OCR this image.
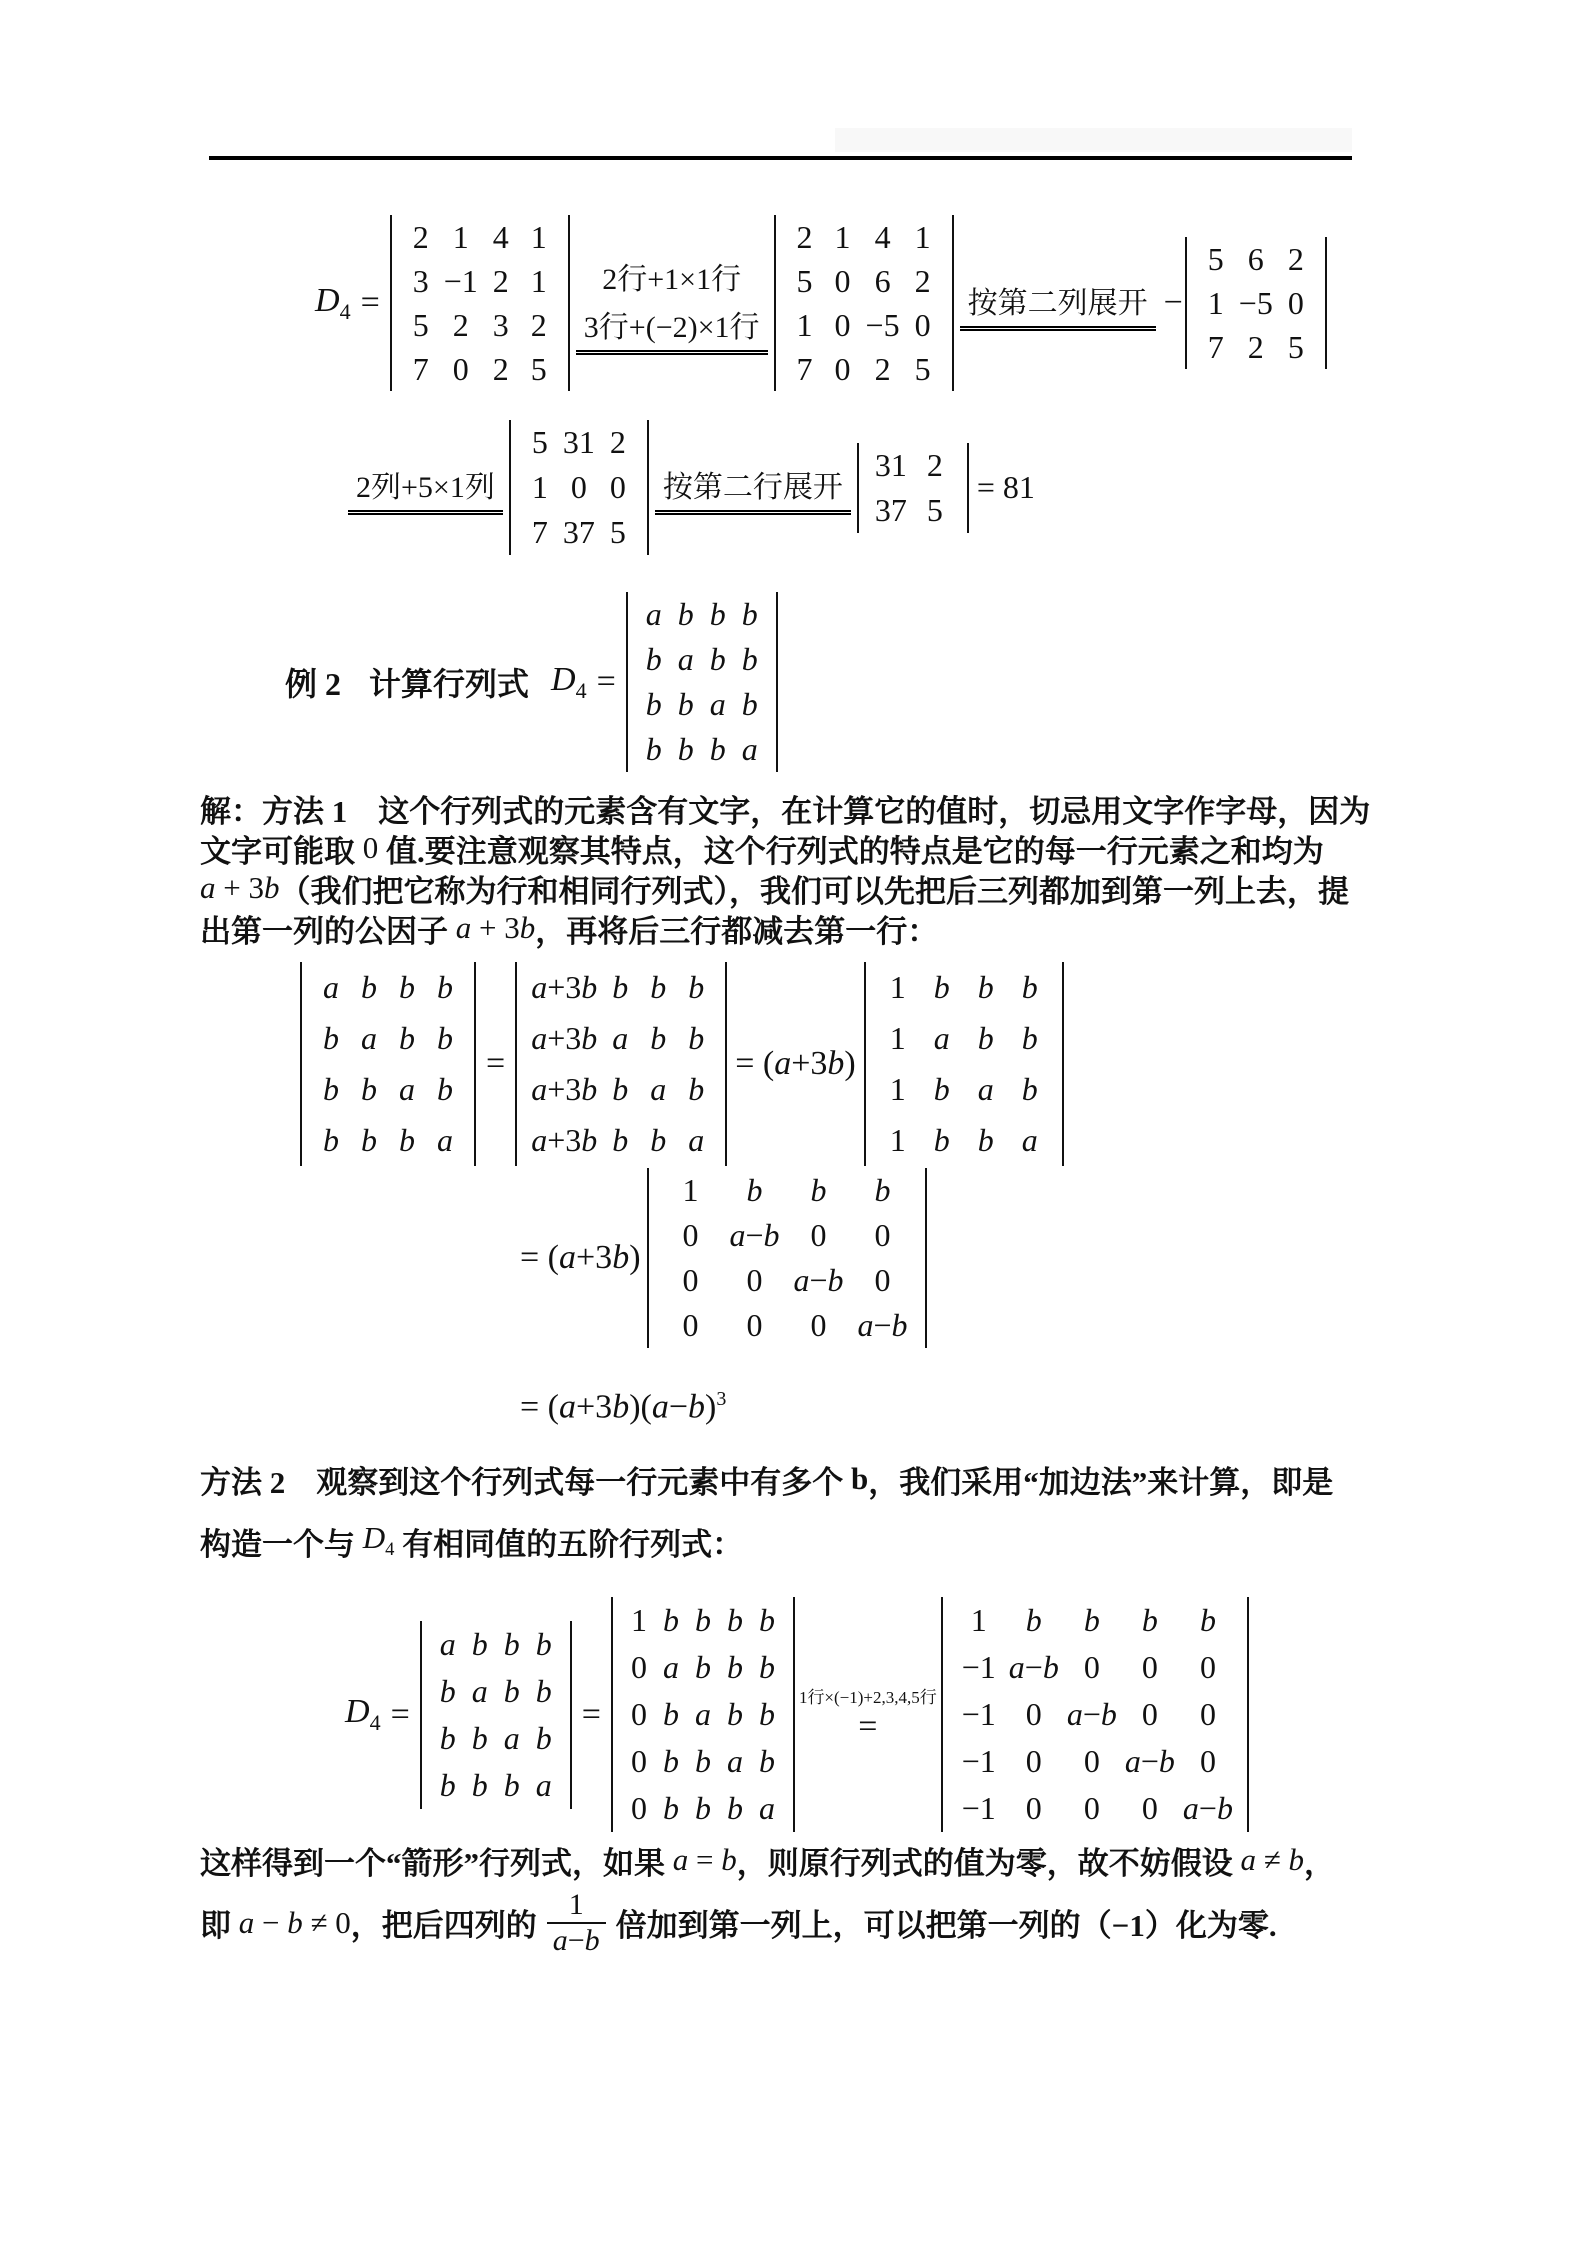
$D_4$ =
2	1	4	1
3	−1	2	1
5	2	3	2
7	0	2	5
2行+1×1行
3行+(−2)×1行
2	1	4	1
5	0	6	2
1	0	−5	0
7	0	2	5
按第二列展开 −
5	6	2
1	−5	0
7	2	5
2列+5×1列
5	31	2
1	0	0
7	37	5
按第二行展开
31	2
37	5
= 81
例 2 计算行列式 $D_4$ =
a	b	b	b
b	a	b	b
b	b	a	b
b	b	b	a
解：方法 1　这个行列式的元素含有文字，在计算它的值时，切忌用文字作字母，因为
文字可能取 0 值.要注意观察其特点，这个行列式的特点是它的每一行元素之和均为
a + 3b （我们把它称为行和相同行列式），我们可以先把后三列都加到第一列上去，提
出第一列的公因子 a + 3b ，再将后三行都减去第一行：
a	b	b	b
b	a	b	b
b	b	a	b
b	b	b	a
=
a+3b	b	b	b
a+3b	a	b	b
a+3b	b	a	b
a+3b	b	b	a
= (a+3b)
1	b	b	b
1	a	b	b
1	b	a	b
1	b	b	a
= (a+3b)
1	b	b	b
0	a−b	0	0
0	0	a−b	0
0	0	0	a−b
= $(a+3b)(a-b)^3$
方法 2　观察到这个行列式每一行元素中有多个 b ，我们采用“加边法”来计算，即是
构造一个与 $D_4$ 有相同值的五阶行列式：
$D_4$ =
a	b	b	b
b	a	b	b
b	b	a	b
b	b	b	a
=
1	b	b	b	b
0	a	b	b	b
0	b	a	b	b
0	b	b	a	b
0	b	b	b	a
1行×(−1)+2,3,4,5行
=
1	b	b	b	b
−1	a−b	0	0	0
−1	0	a−b	0	0
−1	0	0	a−b	0
−1	0	0	0	a−b
这样得到一个“箭形”行列式，如果 a = b ，则原行列式的值为零，故不妨假设 a ≠ b ，
即 a − b ≠ 0 ，把后四列的 $\frac{1}{a-b}$ 倍加到第一列上，可以把第一列的（−1）化为零.
